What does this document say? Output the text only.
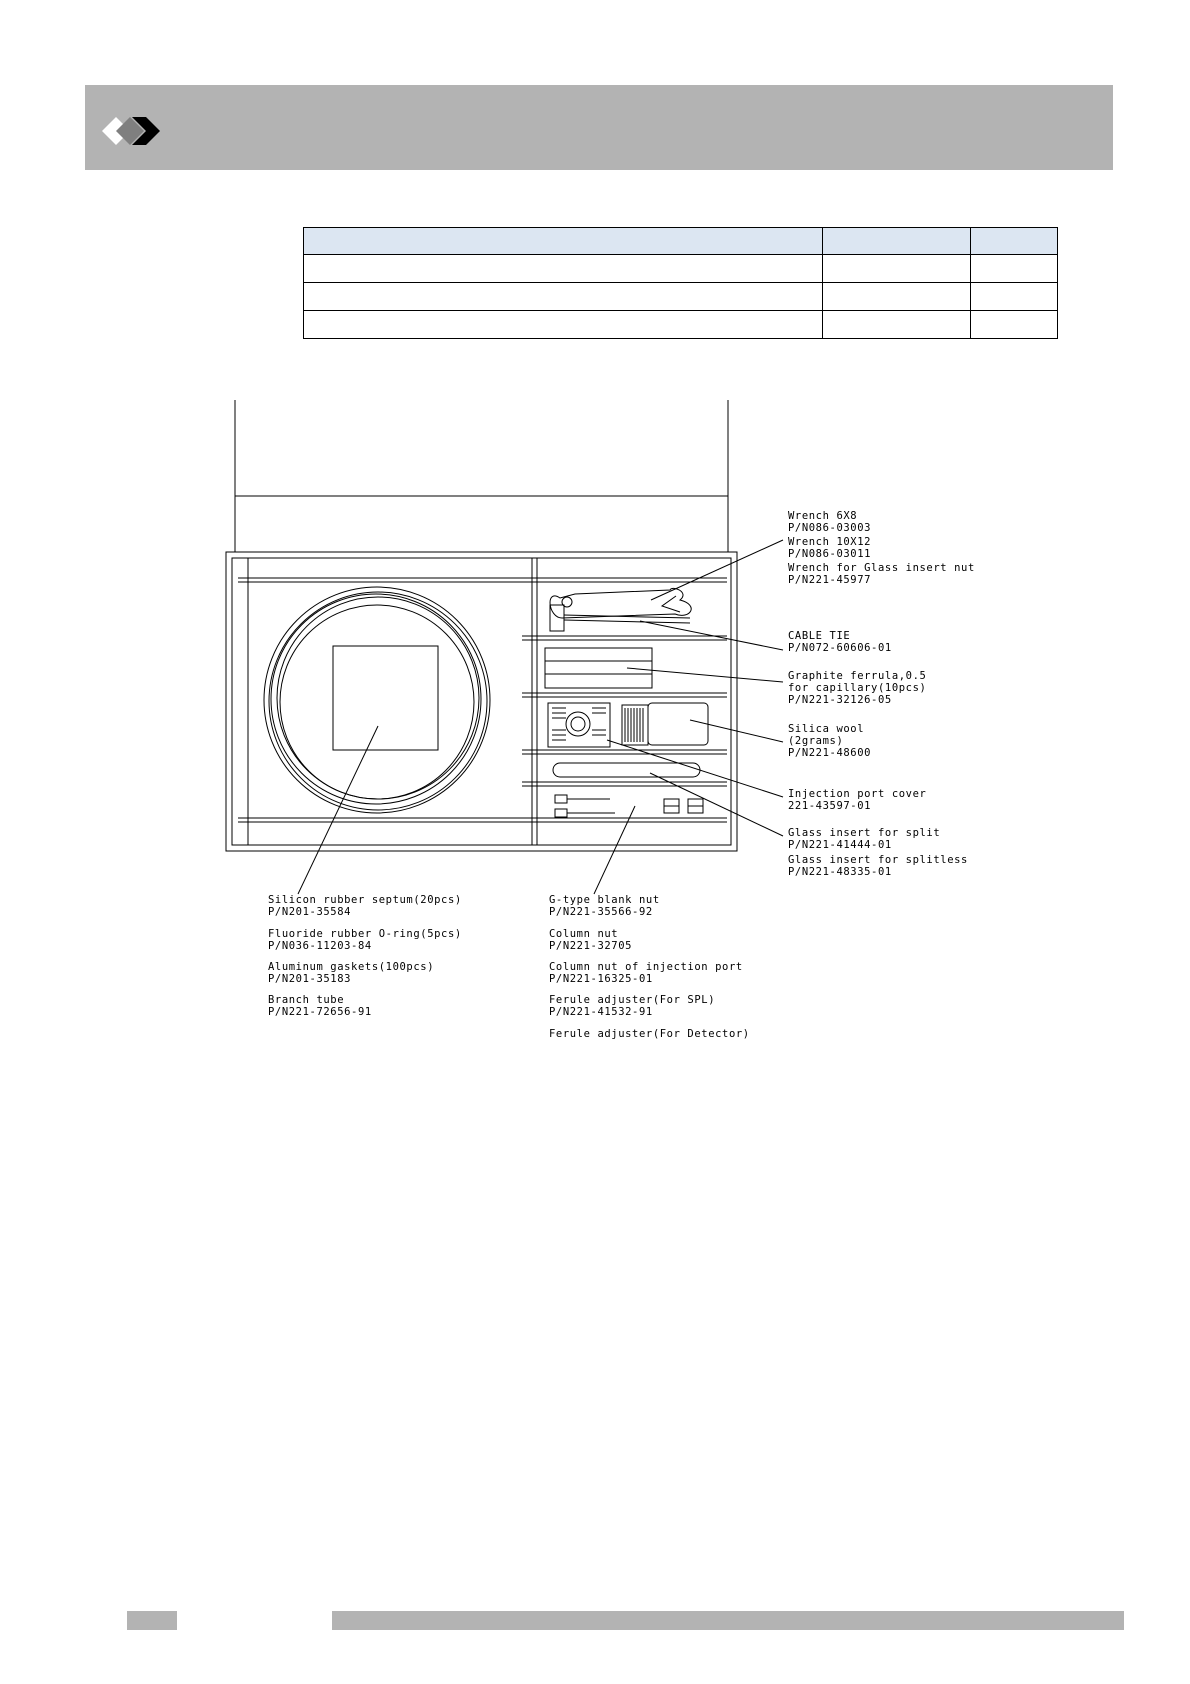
Wrench 6X8
P/N086-03003
Wrench 10X12
P/N086-03011
Wrench for Glass insert nut
P/N221-45977
CABLE TIE
P/N072-60606-01
Graphite ferrula,0.5
for capillary(10pcs)
P/N221-32126-05
Silica wool
(2grams)
P/N221-48600
Injection port cover
221-43597-01
Glass insert for split
P/N221-41444-01
Glass insert for splitless
P/N221-48335-01
Silicon rubber septum(20pcs)
P/N201-35584
Fluoride rubber O-ring(5pcs)
P/N036-11203-84
Aluminum gaskets(100pcs)
P/N201-35183
Branch tube
P/N221-72656-91
G-type blank nut
P/N221-35566-92
Column nut
P/N221-32705
Column nut of injection port
P/N221-16325-01
Ferule adjuster(For SPL)
P/N221-41532-91
Ferule adjuster(For Detector)
